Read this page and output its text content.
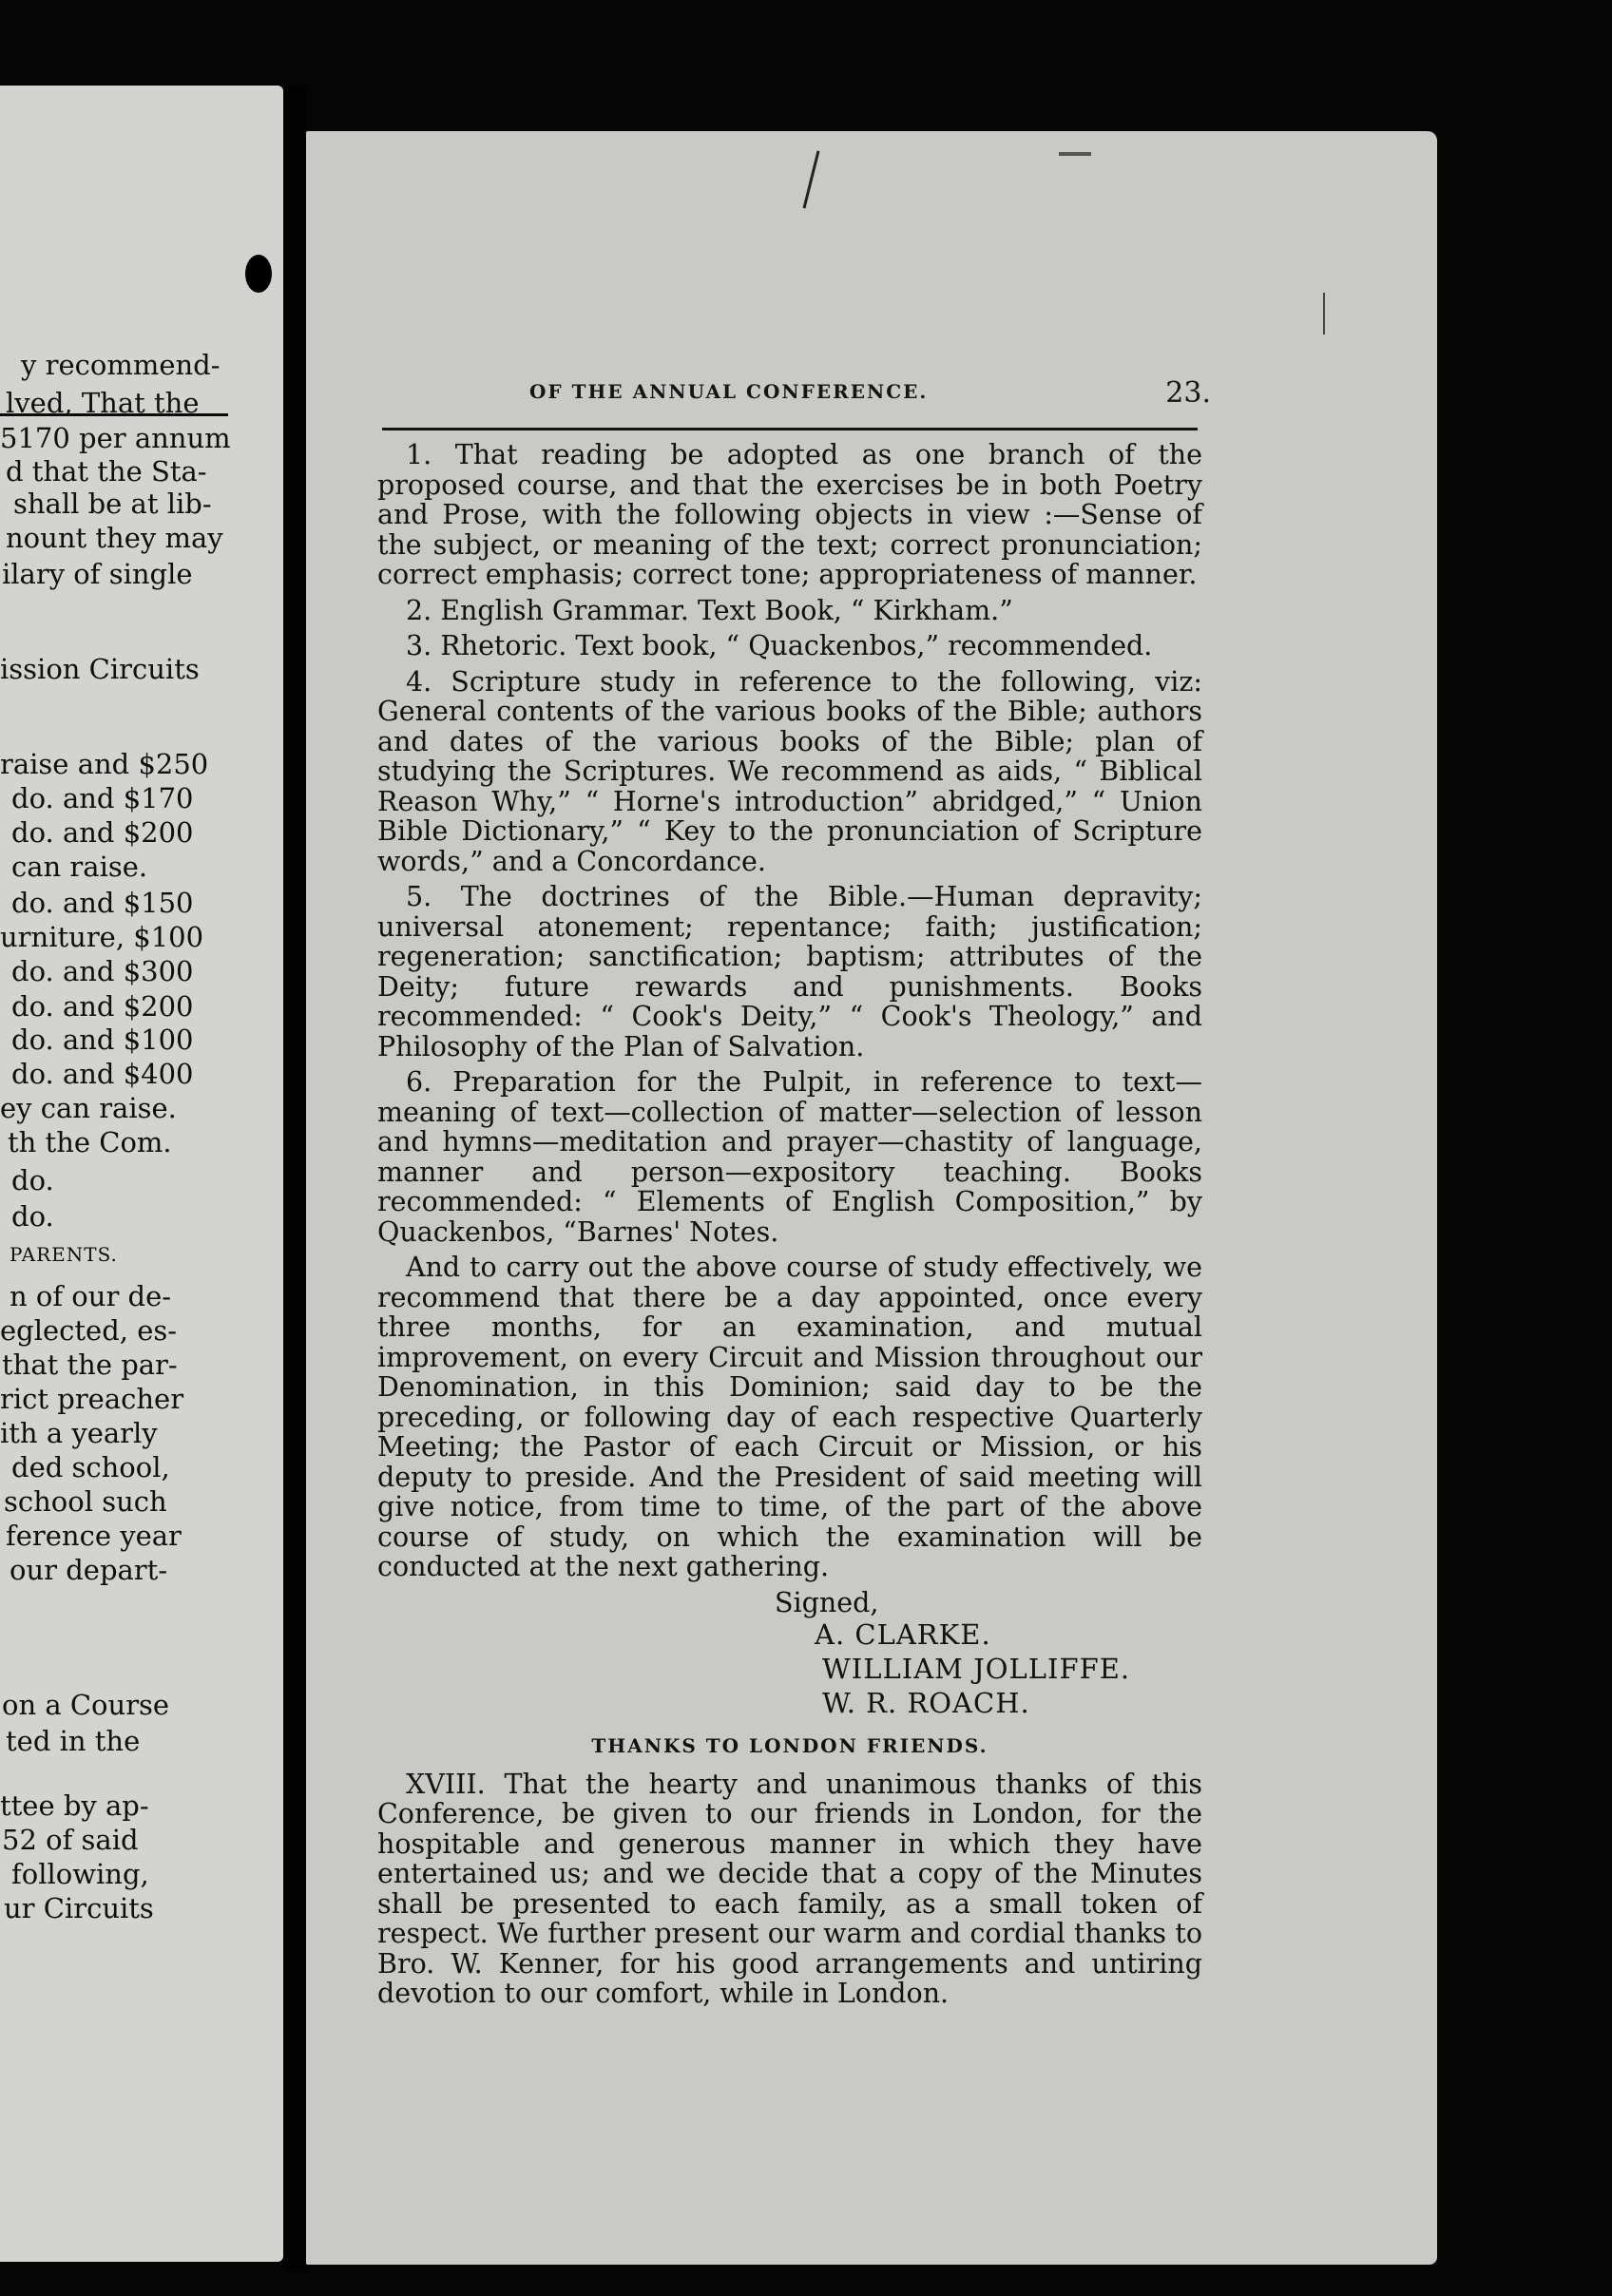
y recommend-
lved, That the
5170 per annum
d that the Sta-
shall be at lib-
nount they may
ilary of single
ission Circuits
raise and $250
do. and $170
do. and $200
can raise.
do. and $150
urniture, $100
do. and $300
do. and $200
do. and $100
do. and $400
ey can raise.
th the Com.
do.
do.
PARENTS.
n of our de-
eglected, es-
that the par-
rict preacher
ith a yearly
ded school,
school such
ference year
our depart-
on a Course
ted in the
ttee by ap-
52 of said
following,
ur Circuits
OF THE ANNUAL CONFERENCE.	23.

1. That reading be adopted as one branch of the proposed course, and that the exercises be in both Poetry and Prose, with the following objects in view :—Sense of the subject, or meaning of the text; correct pronunciation; correct emphasis; correct tone; appropriateness of manner.

2. English Grammar. Text Book, “ Kirkham.”

3. Rhetoric. Text book, “ Quackenbos,” recommended.

4. Scripture study in reference to the following, viz: General contents of the various books of the Bible; authors and dates of the various books of the Bible; plan of studying the Scriptures. We recommend as aids, “ Biblical Reason Why,” “ Horne's introduction” abridged,” “ Union Bible Dictionary,” “ Key to the pronunciation of Scripture words,” and a Concordance.

5. The doctrines of the Bible.—Human depravity; universal atonement; repentance; faith; justification; regeneration; sanctification; baptism; attributes of the Deity; future rewards and punishments. Books recommended: “ Cook's Deity,” “ Cook's Theology,” and Philosophy of the Plan of Salvation.

6. Preparation for the Pulpit, in reference to text—meaning of text—collection of matter—selection of lesson and hymns—meditation and prayer—chastity of language, manner and person—expository teaching. Books recommended: “ Elements of English Composition,” by Quackenbos, “Barnes' Notes.

And to carry out the above course of study effectively, we recommend that there be a day appointed, once every three months, for an examination, and mutual improvement, on every Circuit and Mission throughout our Denomination, in this Dominion; said day to be the preceding, or following day of each respective Quarterly Meeting; the Pastor of each Circuit or Mission, or his deputy to preside. And the President of said meeting will give notice, from time to time, of the part of the above course of study, on which the examination will be conducted at the next gathering.

Signed,

A. CLARKE.

WILLIAM JOLLIFFE.

W. R. ROACH.

THANKS TO LONDON FRIENDS.

XVIII. That the hearty and unanimous thanks of this Conference, be given to our friends in London, for the hospitable and generous manner in which they have entertained us; and we decide that a copy of the Minutes shall be presented to each family, as a small token of respect. We further present our warm and cordial thanks to Bro. W. Kenner, for his good arrangements and untiring devotion to our comfort, while in London.
